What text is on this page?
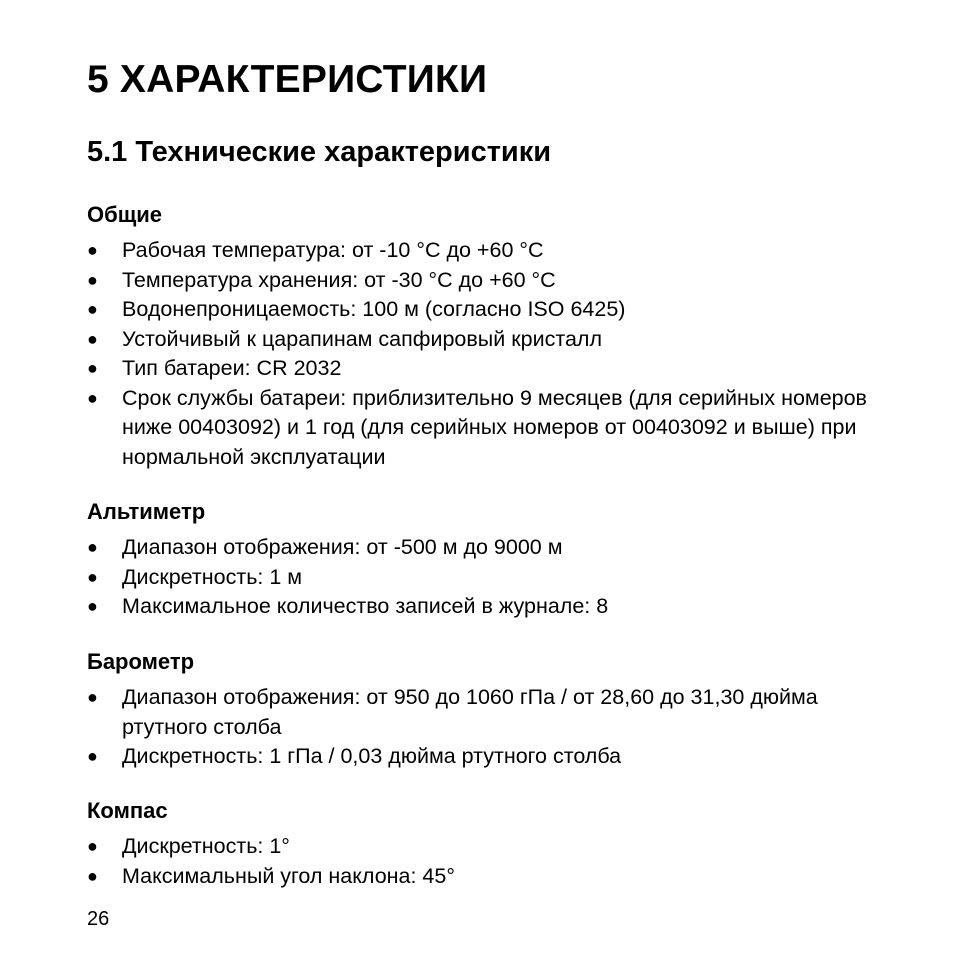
5 ХАРАКТЕРИСТИКИ
5.1 Технические характеристики
Общие
● Рабочая температура: от -10 °C до +60 °C
● Температура хранения: от -30 °C до +60 °C
● Водонепроницаемость: 100 м (согласно ISO 6425)
● Устойчивый к царапинам сапфировый кристалл
● Тип батареи: CR 2032
● Срок службы батареи: приблизительно 9 месяцев (для серийных номеров ниже 00403092) и 1 год (для серийных номеров от 00403092 и выше) при нормальной эксплуатации
Альтиметр
● Диапазон отображения: от -500 м до 9000 м
● Дискретность: 1 м
● Максимальное количество записей в журнале: 8
Барометр
● Диапазон отображения: от 950 до 1060 гПа / от 28,60 до 31,30 дюйма ртутного столба
● Дискретность: 1 гПа / 0,03 дюйма ртутного столба
Компас
● Дискретность: 1°
● Максимальный угол наклона: 45°
26
